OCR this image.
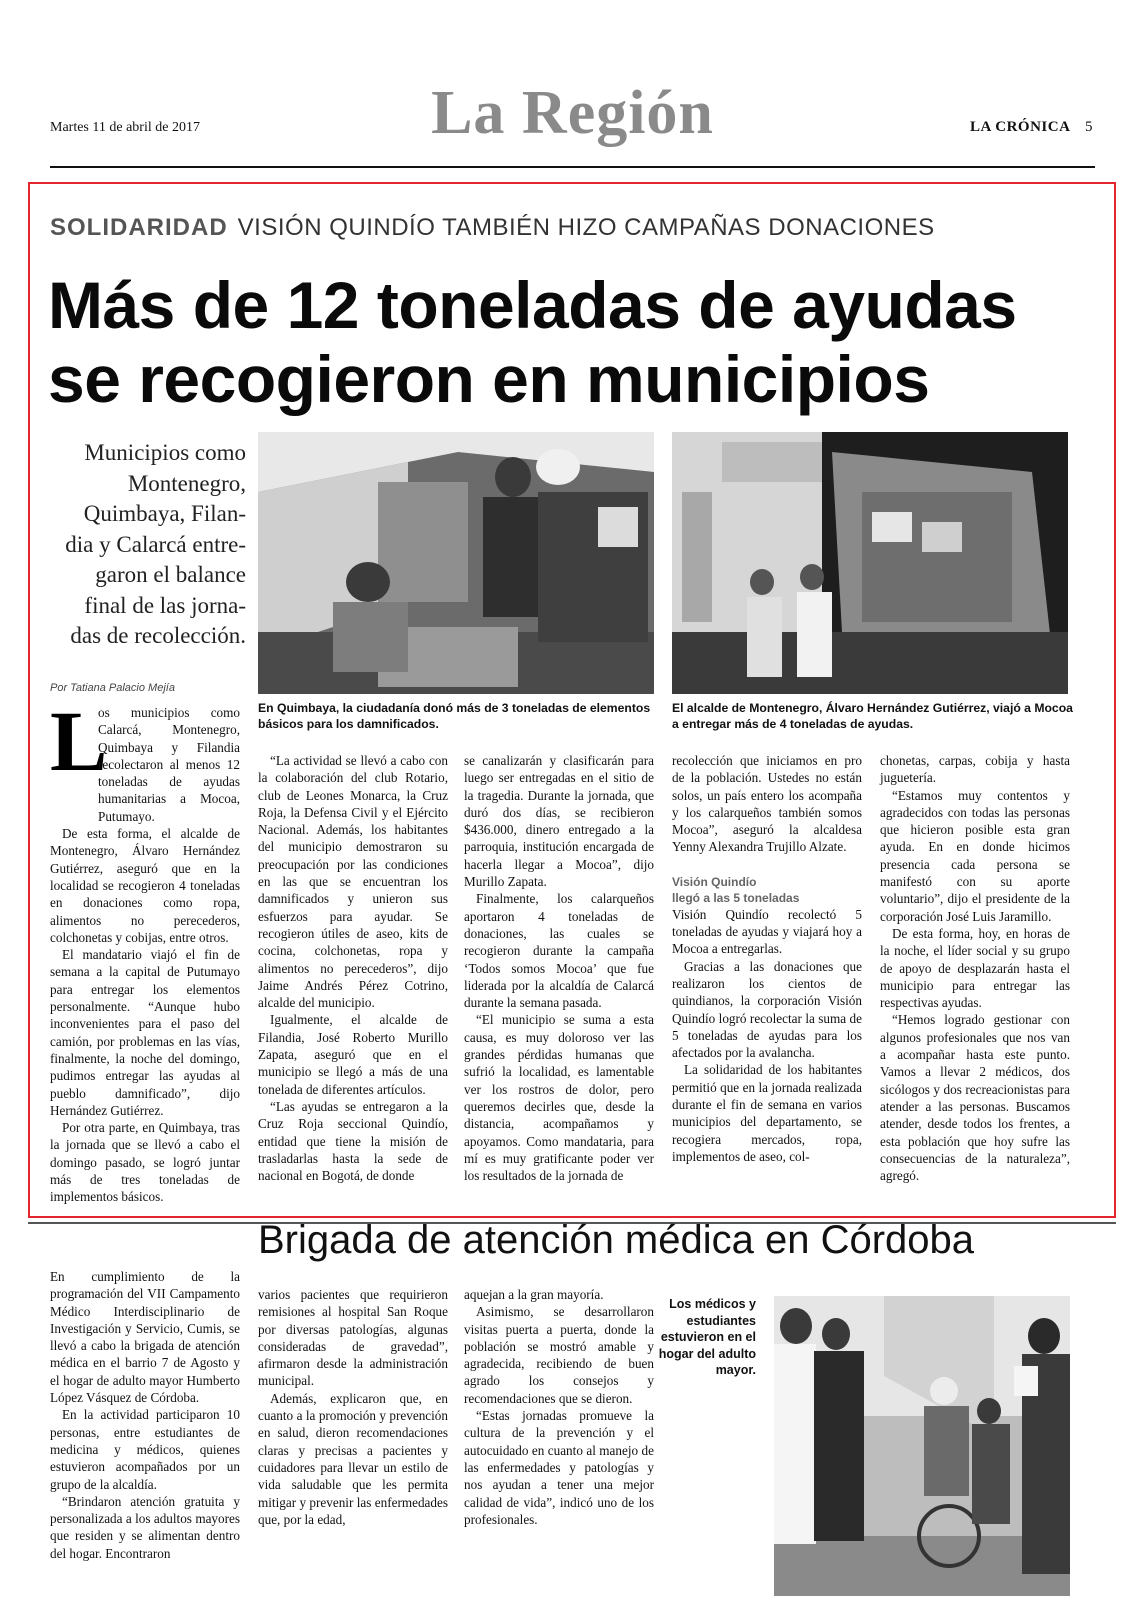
Martes 11 de abril de 2017	La Región	LA CRÓNICA 5
SOLIDARIDAD VISIÓN QUINDÍO TAMBIÉN HIZO CAMPAÑAS DONACIONES
Más de 12 toneladas de ayudas
se recogieron en municipios
Municipios como
Montenegro,
Quimbaya, Filan-
dia y Calarcá entre-
garon el balance
final de las jorna-
das de recolección.
Por Tatiana Palacio Mejía
En Quimbaya, la ciudadanía donó más de 3 toneladas de elementos básicos para los damnificados.
El alcalde de Montenegro, Álvaro Hernández Gutiérrez, viajó a Mocoa a entregar más de 4 toneladas de ayudas.
L

os municipios como Calarcá, Montenegro, Quimbaya y Filandia recolectaron al menos 12 toneladas de ayudas humanitarias a Mocoa, Putumayo.

De esta forma, el alcalde de Montenegro, Álvaro Hernández Gutiérrez, aseguró que en la localidad se recogieron 4 toneladas en donaciones como ropa, alimentos no perecederos, colchonetas y cobijas, entre otros.

El mandatario viajó el fin de semana a la capital de Putumayo para entregar los elementos personalmente. “Aunque hubo inconvenientes para el paso del camión, por problemas en las vías, finalmente, la noche del domingo, pudimos entregar las ayudas al pueblo damnificado”, dijo Hernández Gutiérrez.

Por otra parte, en Quimbaya, tras la jornada que se llevó a cabo el domingo pasado, se logró juntar más de tres toneladas de implementos básicos.

“La actividad se llevó a cabo con la colaboración del club Rotario, club de Leones Monarca, la Cruz Roja, la Defensa Civil y el Ejército Nacional. Además, los habitantes del municipio demostraron su preocupación por las condiciones en las que se encuentran los damnificados y unieron sus esfuerzos para ayudar. Se recogieron útiles de aseo, kits de cocina, colchonetas, ropa y alimentos no perecederos”, dijo Jaime Andrés Pérez Cotrino, alcalde del municipio.

Igualmente, el alcalde de Filandia, José Roberto Murillo Zapata, aseguró que en el municipio se llegó a más de una tonelada de diferentes artículos.

“Las ayudas se entregaron a la Cruz Roja seccional Quindío, entidad que tiene la misión de trasladarlas hasta la sede de nacional en Bogotá, de donde

se canalizarán y clasificarán para luego ser entregadas en el sitio de la tragedia. Durante la jornada, que duró dos días, se recibieron $436.000, dinero entregado a la parroquia, institución encargada de hacerla llegar a Mocoa”, dijo Murillo Zapata.

Finalmente, los calarqueños aportaron 4 toneladas de donaciones, las cuales se recogieron durante la campaña ‘Todos somos Mocoa’ que fue liderada por la alcaldía de Calarcá durante la semana pasada.

“El municipio se suma a esta causa, es muy doloroso ver las grandes pérdidas humanas que sufrió la localidad, es lamentable ver los rostros de dolor, pero queremos decirles que, desde la distancia, acompañamos y apoyamos. Como mandataria, para mí es muy gratificante poder ver los resultados de la jornada de

recolección que iniciamos en pro de la población. Ustedes no están solos, un país entero los acompaña y los calarqueños también somos Mocoa”, aseguró la alcaldesa Yenny Alexandra Trujillo Alzate.

Visión Quindío
llegó a las 5 toneladas

Visión Quindío recolectó 5 toneladas de ayudas y viajará hoy a Mocoa a entregarlas.

Gracias a las donaciones que realizaron los cientos de quindianos, la corporación Visión Quindío logró recolectar la suma de 5 toneladas de ayudas para los afectados por la avalancha.

La solidaridad de los habitantes permitió que en la jornada realizada durante el fin de semana en varios municipios del departamento, se recogiera mercados, ropa, implementos de aseo, col-

chonetas, carpas, cobija y hasta juguetería.

“Estamos muy contentos y agradecidos con todas las personas que hicieron posible esta gran ayuda. En en donde hicimos presencia cada persona se manifestó con su aporte voluntario”, dijo el presidente de la corporación José Luis Jaramillo.

De esta forma, hoy, en horas de la noche, el líder social y su grupo de apoyo de desplazarán hasta el municipio para entregar las respectivas ayudas.

“Hemos logrado gestionar con algunos profesionales que nos van a acompañar hasta este punto. Vamos a llevar 2 médicos, dos sicólogos y dos recreacionistas para atender a las personas. Buscamos atender, desde todos los frentes, a esta población que hoy sufre las consecuencias de la naturaleza”, agregó.

Brigada de atención médica en Córdoba

En cumplimiento de la programación del VII Campamento Médico Interdisciplinario de Investigación y Servicio, Cumis, se llevó a cabo la brigada de atención médica en el barrio 7 de Agosto y el hogar de adulto mayor Humberto López Vásquez de Córdoba.

En la actividad participaron 10 personas, entre estudiantes de medicina y médicos, quienes estuvieron acompañados por un grupo de la alcaldía.

“Brindaron atención gratuita y personalizada a los adultos mayores que residen y se alimentan dentro del hogar. Encontraron

varios pacientes que requirieron remisiones al hospital San Roque por diversas patologías, algunas consideradas de gravedad”, afirmaron desde la administración municipal.

Además, explicaron que, en cuanto a la promoción y prevención en salud, dieron recomendaciones claras y precisas a pacientes y cuidadores para llevar un estilo de vida saludable que les permita mitigar y prevenir las enfermedades que, por la edad,

aquejan a la gran mayoría.

Asimismo, se desarrollaron visitas puerta a puerta, donde la población se mostró amable y agradecida, recibiendo de buen agrado los consejos y recomendaciones que se dieron.

“Estas jornadas promueve la cultura de la prevención y el autocuidado en cuanto al manejo de las enfermedades y patologías y nos ayudan a tener una mejor calidad de vida”, indicó uno de los profesionales.

Los médicos y estudiantes estuvieron en el hogar del adulto mayor.
